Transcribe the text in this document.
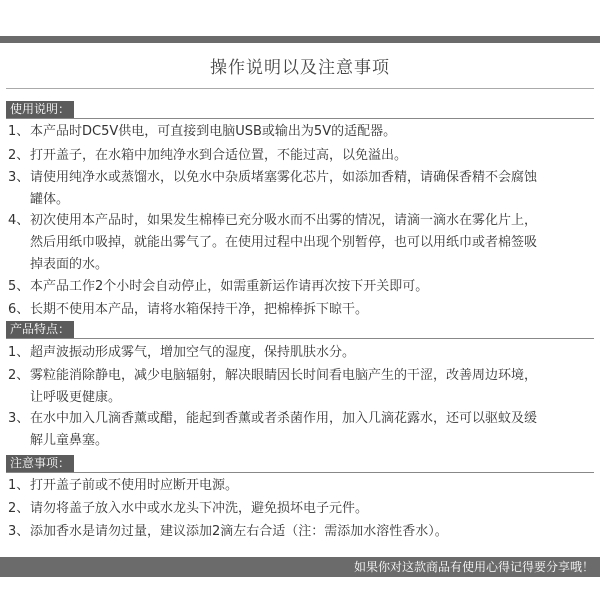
操作说明以及注意事项
使用说明：
1、本产品时DC5V供电，可直接到电脑USB或输出为5V的适配器。
2、打开盖子，在水箱中加纯净水到合适位置，不能过高，以免溢出。
3、请使用纯净水或蒸馏水，以免水中杂质堵塞雾化芯片，如添加香精，请确保香精不会腐蚀
罐体。
4、初次使用本产品时，如果发生棉棒已充分吸水而不出雾的情况，请滴一滴水在雾化片上，
然后用纸巾吸掉，就能出雾气了。在使用过程中出现个别暂停，也可以用纸巾或者棉签吸
掉表面的水。
5、本产品工作2个小时会自动停止，如需重新运作请再次按下开关即可。
6、长期不使用本产品，请将水箱保持干净，把棉棒拆下晾干。
产品特点：
1、超声波振动形成雾气，增加空气的湿度，保持肌肤水分。
2、雾粒能消除静电，减少电脑辐射，解决眼睛因长时间看电脑产生的干涩，改善周边环境，
让呼吸更健康。
3、在水中加入几滴香薰或醋，能起到香薰或者杀菌作用，加入几滴花露水，还可以驱蚊及缓
解儿童鼻塞。
注意事项：
1、打开盖子前或不使用时应断开电源。
2、请勿将盖子放入水中或水龙头下冲洗，避免损坏电子元件。
3、添加香水是请勿过量，建议添加2滴左右合适（注：需添加水溶性香水）。
如果你对这款商品有使用心得记得要分享哦！
